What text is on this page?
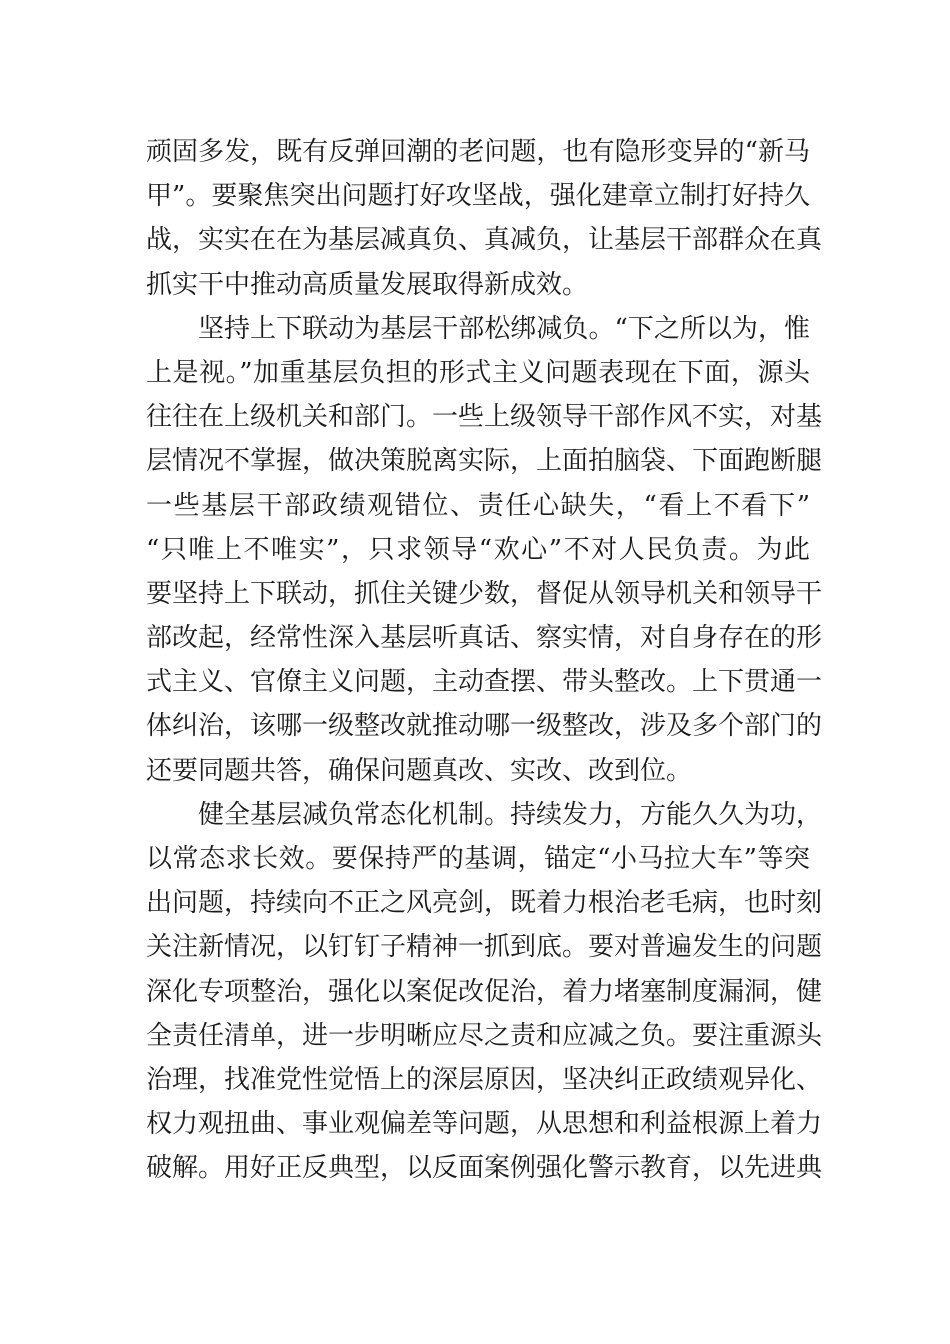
顽固多发，既有反弹回潮的老问题，也有隐形变异的“新马
甲”。要聚焦突出问题打好攻坚战，强化建章立制打好持久
战，实实在在为基层减真负、真减负，让基层干部群众在真
抓实干中推动高质量发展取得新成效。
坚持上下联动为基层干部松绑减负。“下之所以为，惟
上是视。”加重基层负担的形式主义问题表现在下面，源头
往往在上级机关和部门。一些上级领导干部作风不实，对基
层情况不掌握，做决策脱离实际，上面拍脑袋、下面跑断腿
一些基层干部政绩观错位、责任心缺失，“看上不看下”
“只唯上不唯实”，只求领导“欢心”不对人民负责。为此
要坚持上下联动，抓住关键少数，督促从领导机关和领导干
部改起，经常性深入基层听真话、察实情，对自身存在的形
式主义、官僚主义问题，主动查摆、带头整改。上下贯通一
体纠治，该哪一级整改就推动哪一级整改，涉及多个部门的
还要同题共答，确保问题真改、实改、改到位。
健全基层减负常态化机制。持续发力，方能久久为功，
以常态求长效。要保持严的基调，锚定“小马拉大车”等突
出问题，持续向不正之风亮剑，既着力根治老毛病，也时刻
关注新情况，以钉钉子精神一抓到底。要对普遍发生的问题
深化专项整治，强化以案促改促治，着力堵塞制度漏洞，健
全责任清单，进一步明晰应尽之责和应减之负。要注重源头
治理，找准党性觉悟上的深层原因，坚决纠正政绩观异化、
权力观扭曲、事业观偏差等问题，从思想和利益根源上着力
破解。用好正反典型，以反面案例强化警示教育，以先进典
